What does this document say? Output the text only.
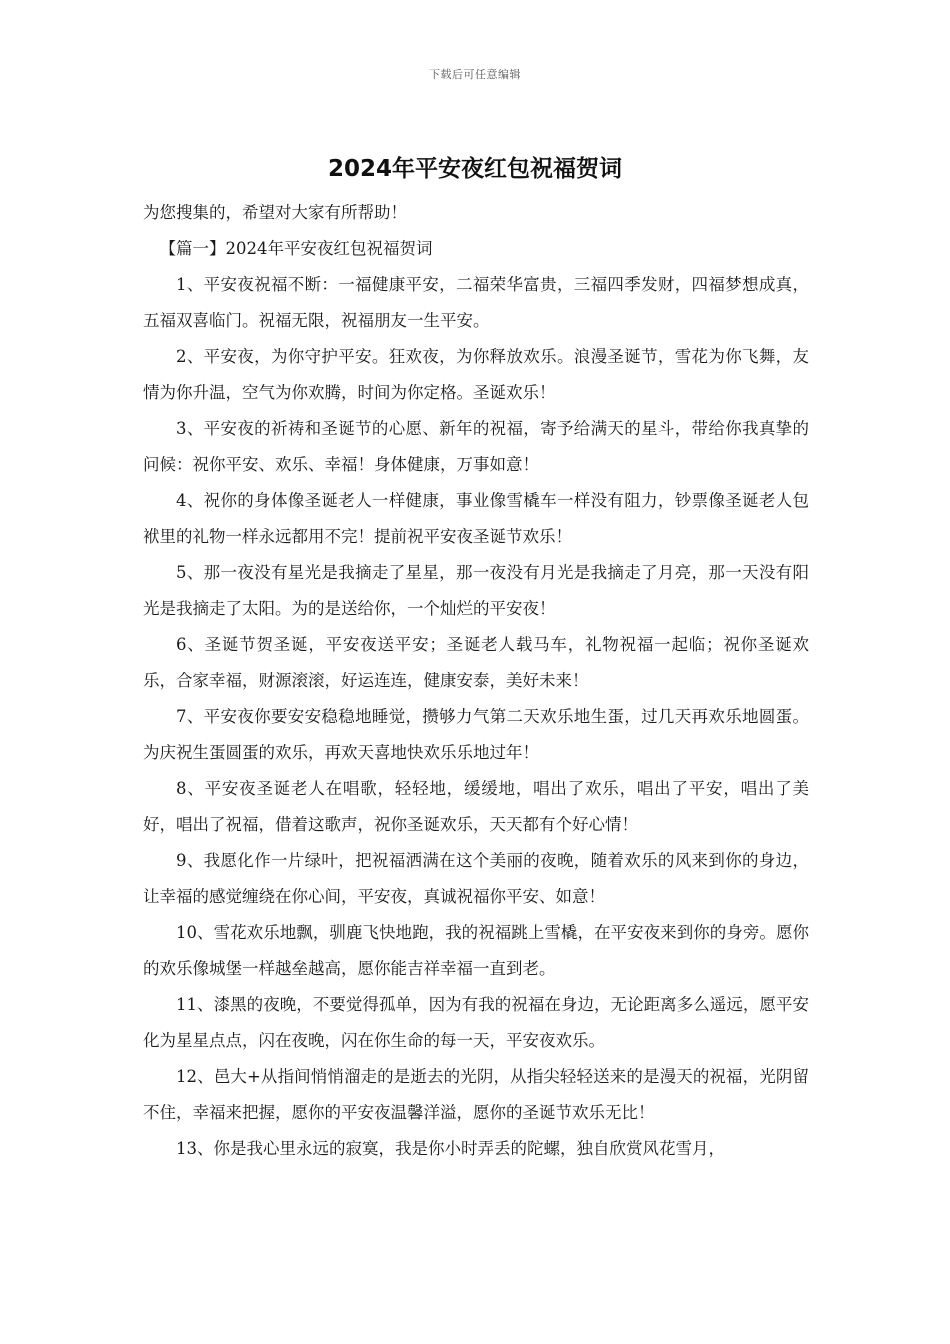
下载后可任意编辑
2024年平安夜红包祝福贺词

为您搜集的，希望对大家有所帮助！

【篇一】2024年平安夜红包祝福贺词

1、平安夜祝福不断：一福健康平安，二福荣华富贵，三福四季发财，四福梦想成真，五福双喜临门。祝福无限，祝福朋友一生平安。

2、平安夜，为你守护平安。狂欢夜，为你释放欢乐。浪漫圣诞节，雪花为你飞舞，友情为你升温，空气为你欢腾，时间为你定格。圣诞欢乐！

3、平安夜的祈祷和圣诞节的心愿、新年的祝福，寄予给满天的星斗，带给你我真挚的问候：祝你平安、欢乐、幸福！身体健康，万事如意！

4、祝你的身体像圣诞老人一样健康，事业像雪橇车一样没有阻力，钞票像圣诞老人包袱里的礼物一样永远都用不完！提前祝平安夜圣诞节欢乐！

5、那一夜没有星光是我摘走了星星，那一夜没有月光是我摘走了月亮，那一天没有阳光是我摘走了太阳。为的是送给你，一个灿烂的平安夜！

6、圣诞节贺圣诞，平安夜送平安；圣诞老人载马车，礼物祝福一起临；祝你圣诞欢乐，合家幸福，财源滚滚，好运连连，健康安泰，美好未来！

7、平安夜你要安安稳稳地睡觉，攒够力气第二天欢乐地生蛋，过几天再欢乐地圆蛋。为庆祝生蛋圆蛋的欢乐，再欢天喜地快欢乐乐地过年！

8、平安夜圣诞老人在唱歌，轻轻地，缓缓地，唱出了欢乐，唱出了平安，唱出了美好，唱出了祝福，借着这歌声，祝你圣诞欢乐，天天都有个好心情！

9、我愿化作一片绿叶，把祝福洒满在这个美丽的夜晚，随着欢乐的风来到你的身边，让幸福的感觉缠绕在你心间，平安夜，真诚祝福你平安、如意！

10、雪花欢乐地飘，驯鹿飞快地跑，我的祝福跳上雪橇，在平安夜来到你的身旁。愿你的欢乐像城堡一样越垒越高，愿你能吉祥幸福一直到老。

11、漆黑的夜晚，不要觉得孤单，因为有我的祝福在身边，无论距离多么遥远，愿平安化为星星点点，闪在夜晚，闪在你生命的每一天，平安夜欢乐。

12、邑大+从指间悄悄溜走的是逝去的光阴，从指尖轻轻送来的是漫天的祝福，光阴留不住，幸福来把握，愿你的平安夜温馨洋溢，愿你的圣诞节欢乐无比！

13、你是我心里永远的寂寞，我是你小时弄丢的陀螺，独自欣赏风花雪月，
